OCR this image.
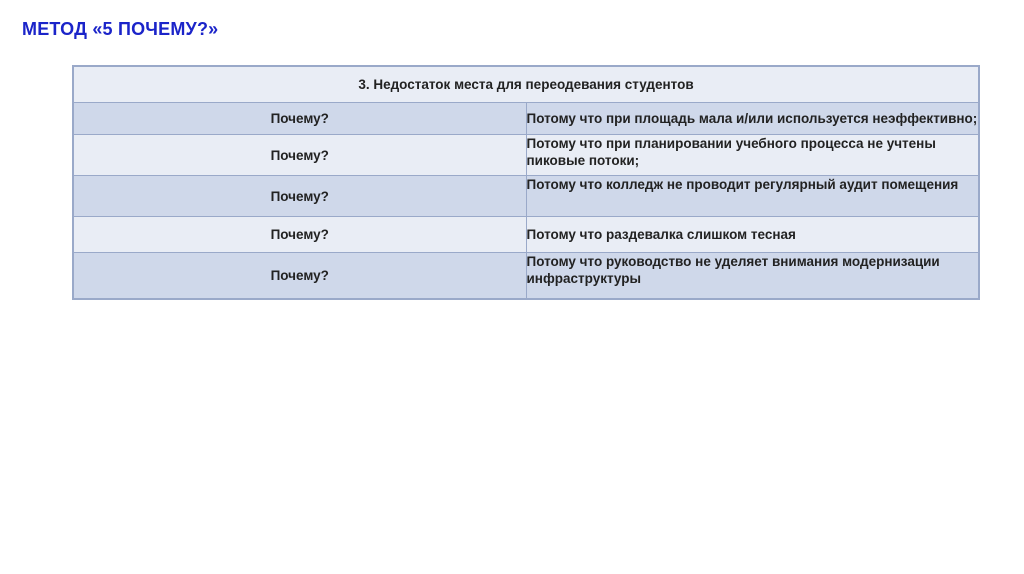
МЕТОД «5 ПОЧЕМУ?»
3. Недостаток места для переодевания студентов	
Почему?	Потому что при площадь мала и/или используется неэффективно;
Почему?	Потому что при планировании учебного процесса не учтены пиковые потоки;
Почему?	Потому что колледж не проводит регулярный аудит помещения
Почему?	Потому что раздевалка слишком тесная
Почему?	Потому что руководство не уделяет внимания модернизации инфраструктуры
